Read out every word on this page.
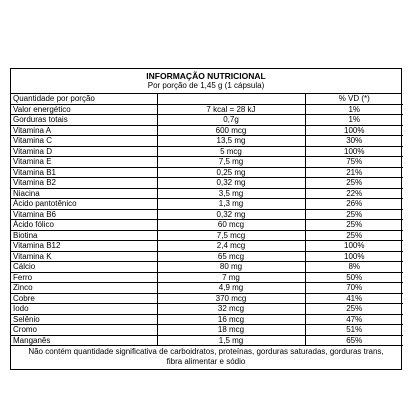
INFORMAÇÃO NUTRICIONAL
Por porção de 1,45 g (1 cápsula)
Quantidade por porção		% VD (*)
Valor energético	7 kcal = 28 kJ	1%
Gorduras totais	0,7g	1%
Vitamina A	600 mcg	100%
Vitamina C	13,5 mg	30%
Vitamina D	5 mcg	100%
Vitamina E	7,5 mg	75%
Vitamina B1	0,25 mg	21%
Vitamina B2	0,32 mg	25%
Niacina	3,5 mg	22%
Ácido pantotênico	1,3 mg	26%
Vitamina B6	0,32 mg	25%
Ácido fólico	60 mcg	25%
Biotina	7,5 mcg	25%
Vitamina B12	2,4 mcg	100%
Vitamina K	65 mcg	100%
Cálcio	80 mg	8%
Ferro	7 mg	50%
Zinco	4,9 mg	70%
Cobre	370 mcg	41%
Iodo	32 mcg	25%
Selênio	16 mcg	47%
Cromo	18 mcg	51%
Manganês	1,5 mg	65%
Não contém quantidade significativa de carboidratos, proteínas, gorduras saturadas, gorduras trans, fibra alimentar e sódio
